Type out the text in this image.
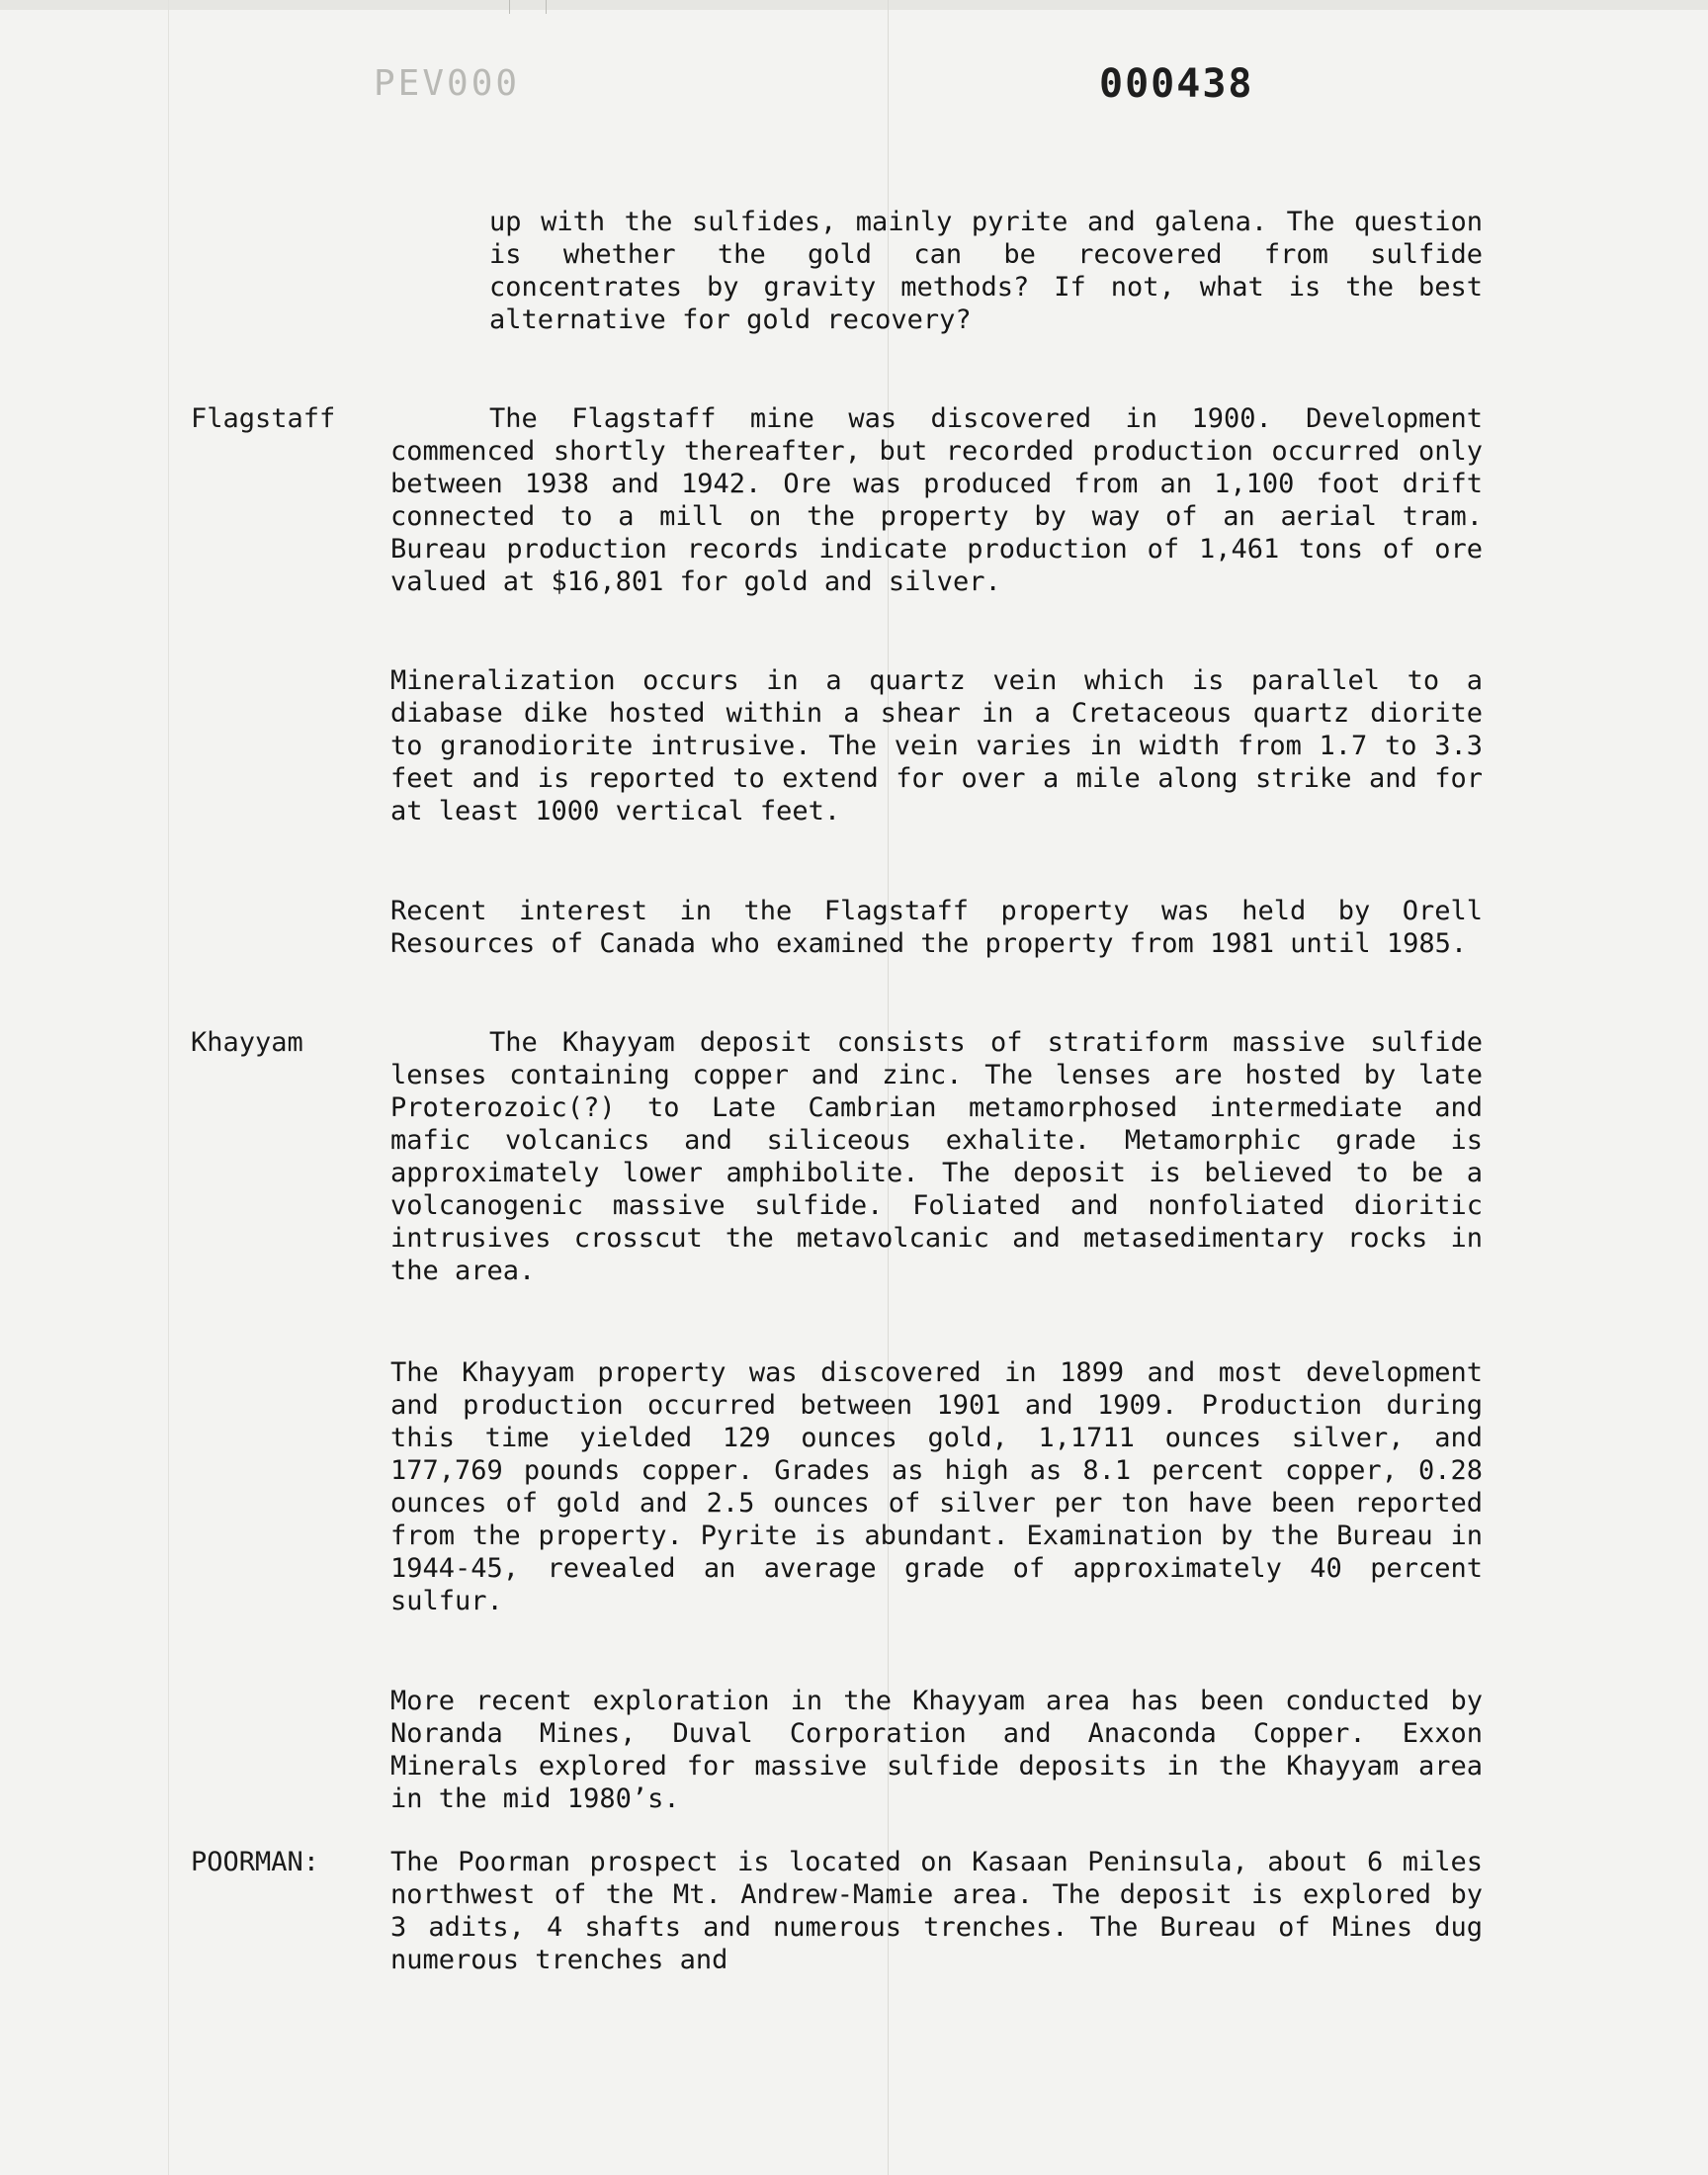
PEV000	000438

up with the sulfides, mainly pyrite and galena. The question is whether the gold can be recovered from sulfide concentrates by gravity methods? If not, what is the best alternative for gold recovery?

Flagstaff	The Flagstaff mine was discovered in 1900. Development commenced shortly thereafter, but recorded production occurred only between 1938 and 1942. Ore was produced from an 1,100 foot drift connected to a mill on the property by way of an aerial tram. Bureau production records indicate production of 1,461 tons of ore valued at $16,801 for gold and silver.

Mineralization occurs in a quartz vein which is parallel to a diabase dike hosted within a shear in a Cretaceous quartz diorite to granodiorite intrusive. The vein varies in width from 1.7 to 3.3 feet and is reported to extend for over a mile along strike and for at least 1000 vertical feet.

Recent interest in the Flagstaff property was held by Orell Resources of Canada who examined the property from 1981 until 1985.

Khayyam	The Khayyam deposit consists of stratiform massive sulfide lenses containing copper and zinc. The lenses are hosted by late Proterozoic(?) to Late Cambrian metamorphosed intermediate and mafic volcanics and siliceous exhalite. Metamorphic grade is approximately lower amphibolite. The deposit is believed to be a volcanogenic massive sulfide. Foliated and nonfoliated dioritic intrusives crosscut the metavolcanic and metasedimentary rocks in the area.

The Khayyam property was discovered in 1899 and most development and production occurred between 1901 and 1909. Production during this time yielded 129 ounces gold, 1,1711 ounces silver, and 177,769 pounds copper. Grades as high as 8.1 percent copper, 0.28 ounces of gold and 2.5 ounces of silver per ton have been reported from the property. Pyrite is abundant. Examination by the Bureau in 1944-45, revealed an average grade of approximately 40 percent sulfur.

More recent exploration in the Khayyam area has been conducted by Noranda Mines, Duval Corporation and Anaconda Copper. Exxon Minerals explored for massive sulfide deposits in the Khayyam area in the mid 1980’s.

POORMAN:	The Poorman prospect is located on Kasaan Peninsula, about 6 miles northwest of the Mt. Andrew-Mamie area. The deposit is explored by 3 adits, 4 shafts and numerous trenches. The Bureau of Mines dug numerous trenches and
